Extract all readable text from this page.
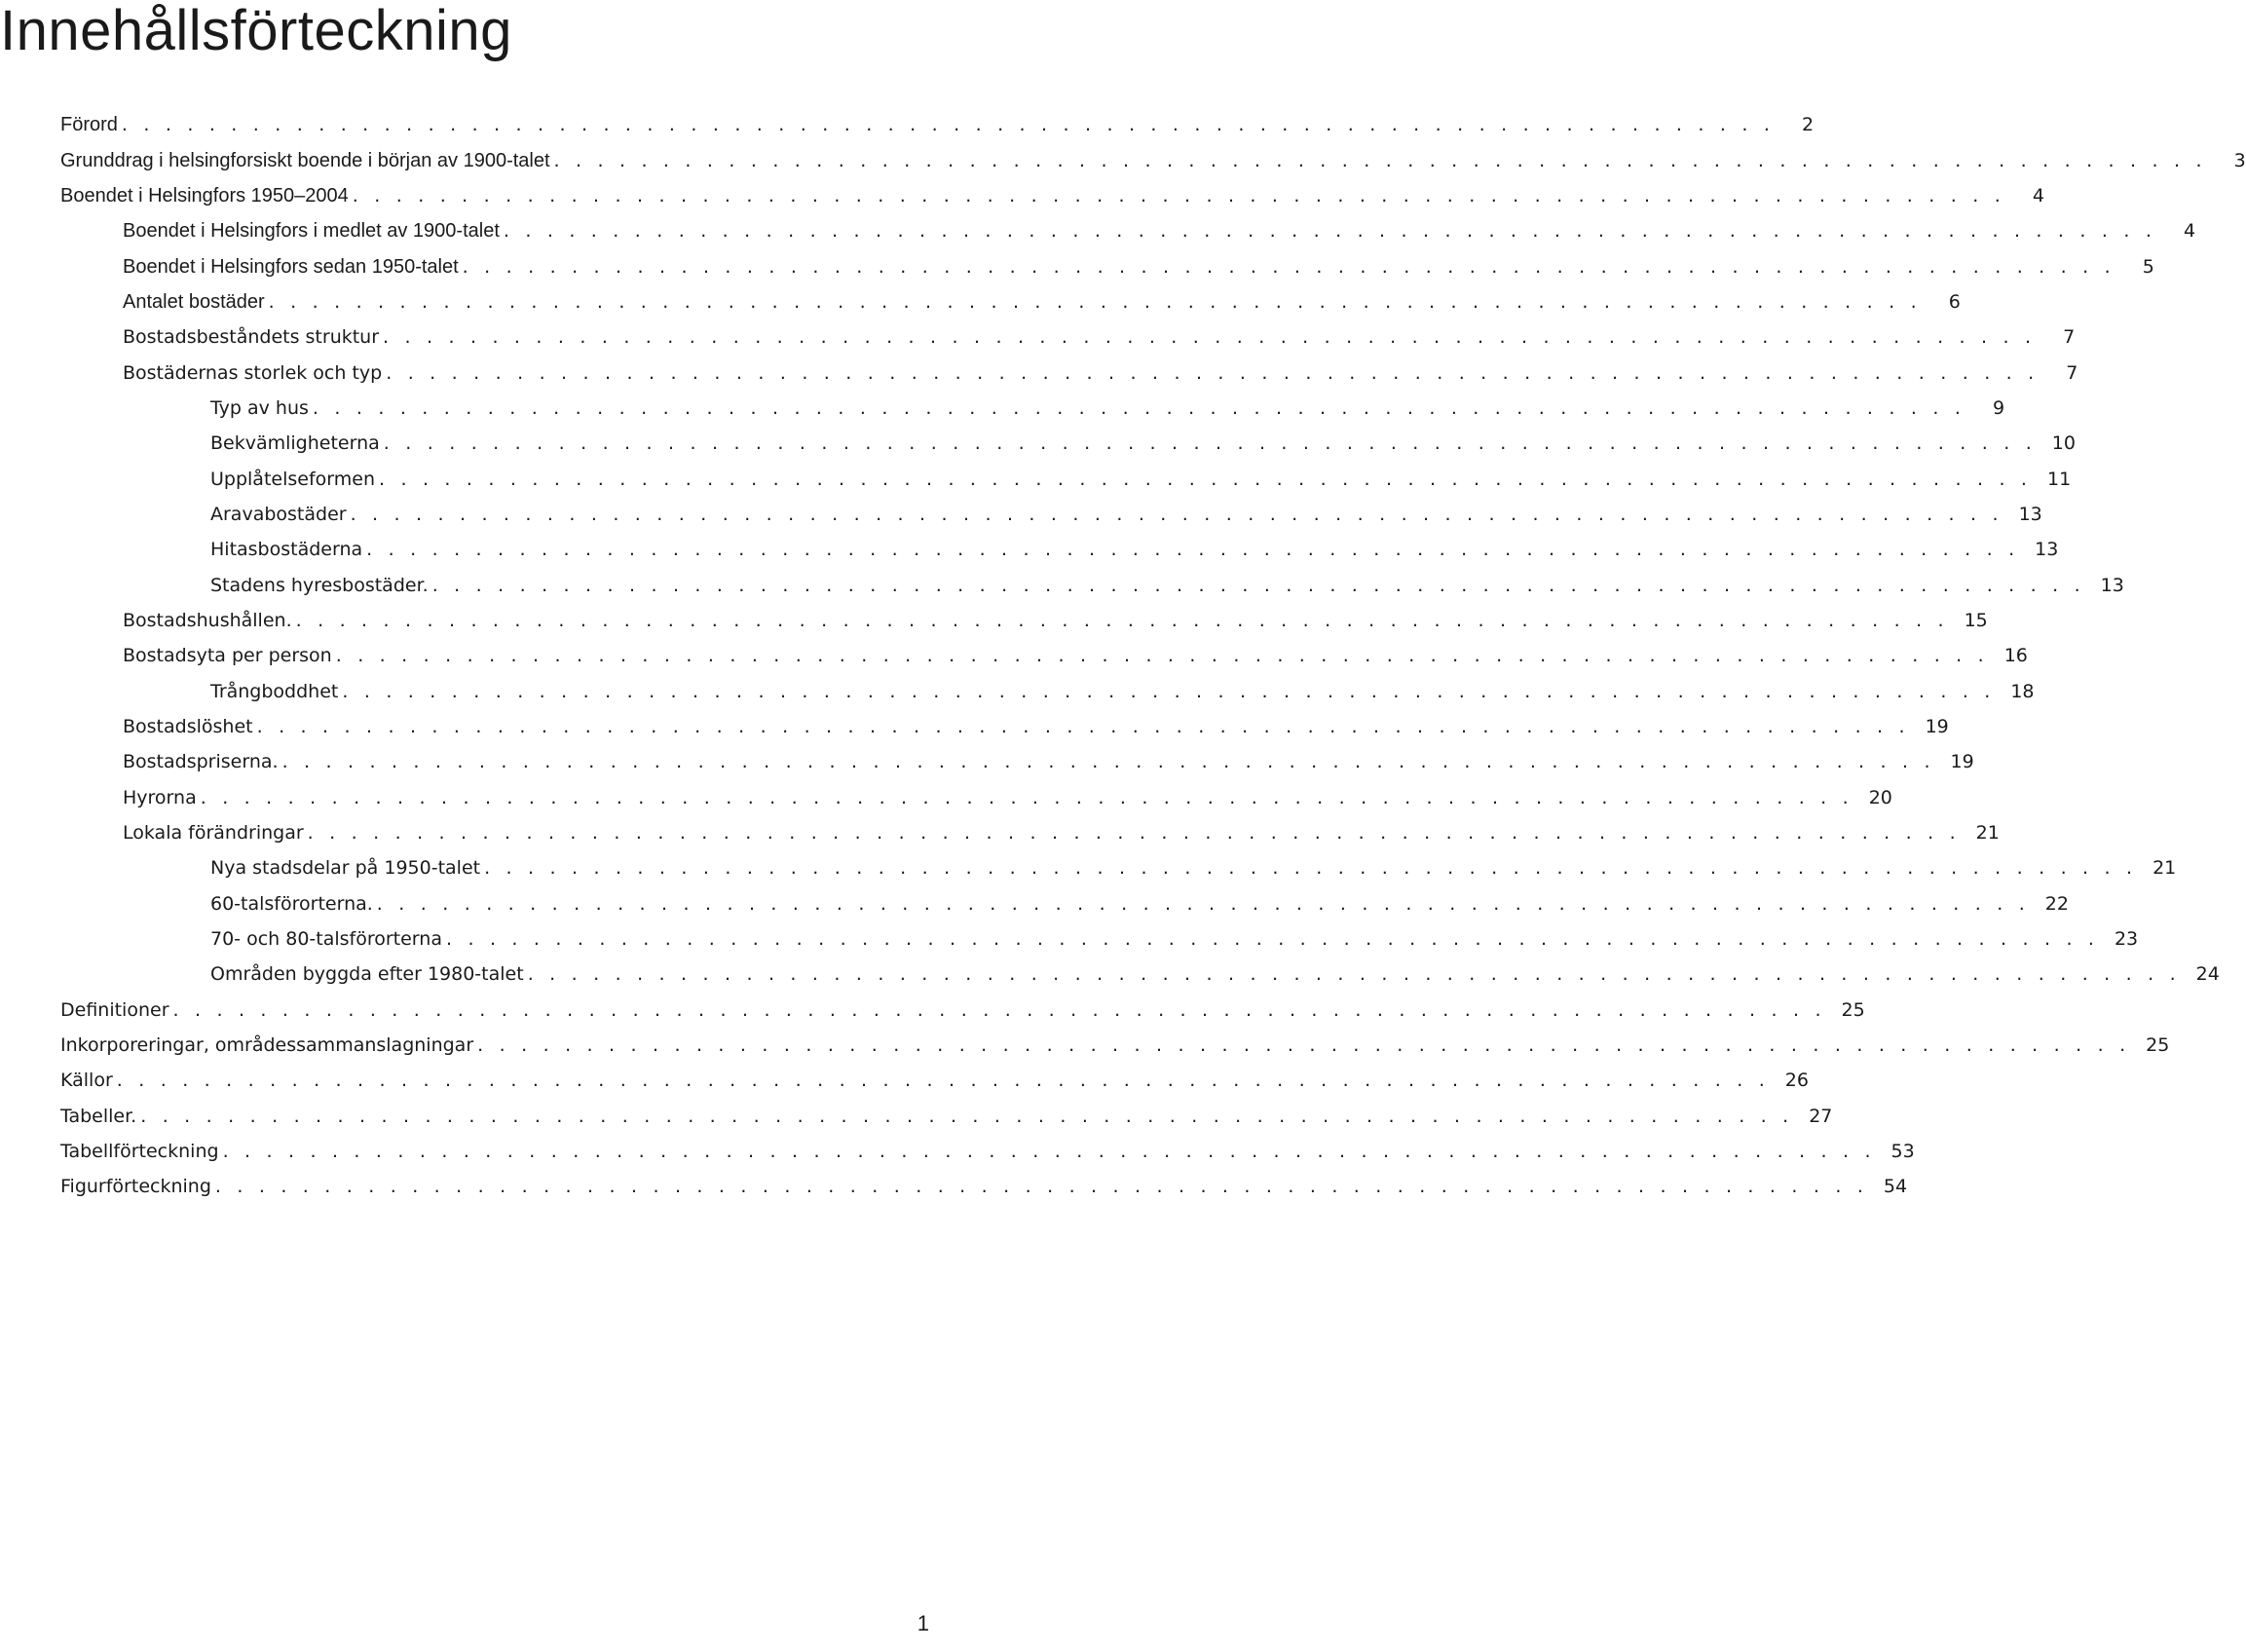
Innehållsförteckning
Förord . . . . . . . . . . . . . . . . . . . . . . . . . . . . . . . . . . . . . . . . . . . . . . . . . . . . . . . . . . . . . . . . . . . . . . . . . . . .	2
Grunddrag i helsingforsiskt boende i början av 1900-talet . . . . . . . . . . . . . . . . . . . . . . . . . . . . . . . . . . . . . . . . . . . . . . . . . . . . . . . . . . . . . . . . . . . . . . . . . . . .	3
Boendet i Helsingfors 1950–2004 . . . . . . . . . . . . . . . . . . . . . . . . . . . . . . . . . . . . . . . . . . . . . . . . . . . . . . . . . . . . . . . . . . . . . . . . . . . .	4
Boendet i Helsingfors i medlet av 1900-talet . . . . . . . . . . . . . . . . . . . . . . . . . . . . . . . . . . . . . . . . . . . . . . . . . . . . . . . . . . . . . . . . . . . . . . . . . . . .	4
Boendet i Helsingfors sedan 1950-talet . . . . . . . . . . . . . . . . . . . . . . . . . . . . . . . . . . . . . . . . . . . . . . . . . . . . . . . . . . . . . . . . . . . . . . . . . . . .	5
Antalet bostäder . . . . . . . . . . . . . . . . . . . . . . . . . . . . . . . . . . . . . . . . . . . . . . . . . . . . . . . . . . . . . . . . . . . . . . . . . . . .	6
Bostadsbeståndets struktur . . . . . . . . . . . . . . . . . . . . . . . . . . . . . . . . . . . . . . . . . . . . . . . . . . . . . . . . . . . . . . . . . . . . . . . . . . . .	7
Bostädernas storlek och typ . . . . . . . . . . . . . . . . . . . . . . . . . . . . . . . . . . . . . . . . . . . . . . . . . . . . . . . . . . . . . . . . . . . . . . . . . . . .	7
Typ av hus . . . . . . . . . . . . . . . . . . . . . . . . . . . . . . . . . . . . . . . . . . . . . . . . . . . . . . . . . . . . . . . . . . . . . . . . . . . .	9
Bekvämligheterna . . . . . . . . . . . . . . . . . . . . . . . . . . . . . . . . . . . . . . . . . . . . . . . . . . . . . . . . . . . . . . . . . . . . . . . . . . . . 10
Upplåtelseformen . . . . . . . . . . . . . . . . . . . . . . . . . . . . . . . . . . . . . . . . . . . . . . . . . . . . . . . . . . . . . . . . . . . . . . . . . . . . 11
Aravabostäder . . . . . . . . . . . . . . . . . . . . . . . . . . . . . . . . . . . . . . . . . . . . . . . . . . . . . . . . . . . . . . . . . . . . . . . . . . . . 13
Hitasbostäderna . . . . . . . . . . . . . . . . . . . . . . . . . . . . . . . . . . . . . . . . . . . . . . . . . . . . . . . . . . . . . . . . . . . . . . . . . . . . 13
Stadens hyresbostäder. . . . . . . . . . . . . . . . . . . . . . . . . . . . . . . . . . . . . . . . . . . . . . . . . . . . . . . . . . . . . . . . . . . . . . . . . . . . . 13
Bostadshushållen. . . . . . . . . . . . . . . . . . . . . . . . . . . . . . . . . . . . . . . . . . . . . . . . . . . . . . . . . . . . . . . . . . . . . . . . . . . . . 15
Bostadsyta per person . . . . . . . . . . . . . . . . . . . . . . . . . . . . . . . . . . . . . . . . . . . . . . . . . . . . . . . . . . . . . . . . . . . . . . . . . . . . 16
Trångboddhet . . . . . . . . . . . . . . . . . . . . . . . . . . . . . . . . . . . . . . . . . . . . . . . . . . . . . . . . . . . . . . . . . . . . . . . . . . . . 18
Bostadslöshet . . . . . . . . . . . . . . . . . . . . . . . . . . . . . . . . . . . . . . . . . . . . . . . . . . . . . . . . . . . . . . . . . . . . . . . . . . . . 19
Bostadspriserna. . . . . . . . . . . . . . . . . . . . . . . . . . . . . . . . . . . . . . . . . . . . . . . . . . . . . . . . . . . . . . . . . . . . . . . . . . . . . 19
Hyrorna . . . . . . . . . . . . . . . . . . . . . . . . . . . . . . . . . . . . . . . . . . . . . . . . . . . . . . . . . . . . . . . . . . . . . . . . . . . . 20
Lokala förändringar . . . . . . . . . . . . . . . . . . . . . . . . . . . . . . . . . . . . . . . . . . . . . . . . . . . . . . . . . . . . . . . . . . . . . . . . . . . . 21
Nya stadsdelar på 1950-talet . . . . . . . . . . . . . . . . . . . . . . . . . . . . . . . . . . . . . . . . . . . . . . . . . . . . . . . . . . . . . . . . . . . . . . . . . . . . 21
60-talsförorterna. . . . . . . . . . . . . . . . . . . . . . . . . . . . . . . . . . . . . . . . . . . . . . . . . . . . . . . . . . . . . . . . . . . . . . . . . . . . . 22
70- och 80-talsförorterna . . . . . . . . . . . . . . . . . . . . . . . . . . . . . . . . . . . . . . . . . . . . . . . . . . . . . . . . . . . . . . . . . . . . . . . . . . . . 23
Områden byggda efter 1980-talet . . . . . . . . . . . . . . . . . . . . . . . . . . . . . . . . . . . . . . . . . . . . . . . . . . . . . . . . . . . . . . . . . . . . . . . . . . . . 24
Definitioner . . . . . . . . . . . . . . . . . . . . . . . . . . . . . . . . . . . . . . . . . . . . . . . . . . . . . . . . . . . . . . . . . . . . . . . . . . . . 25
Inkorporeringar, områdessammanslagningar . . . . . . . . . . . . . . . . . . . . . . . . . . . . . . . . . . . . . . . . . . . . . . . . . . . . . . . . . . . . . . . . . . . . . . . . . . . . 25
Källor . . . . . . . . . . . . . . . . . . . . . . . . . . . . . . . . . . . . . . . . . . . . . . . . . . . . . . . . . . . . . . . . . . . . . . . . . . . . 26
Tabeller. . . . . . . . . . . . . . . . . . . . . . . . . . . . . . . . . . . . . . . . . . . . . . . . . . . . . . . . . . . . . . . . . . . . . . . . . . . . . 27
Tabellförteckning . . . . . . . . . . . . . . . . . . . . . . . . . . . . . . . . . . . . . . . . . . . . . . . . . . . . . . . . . . . . . . . . . . . . . . . . . . . . 53
Figurförteckning . . . . . . . . . . . . . . . . . . . . . . . . . . . . . . . . . . . . . . . . . . . . . . . . . . . . . . . . . . . . . . . . . . . . . . . . . . . . 54
1
